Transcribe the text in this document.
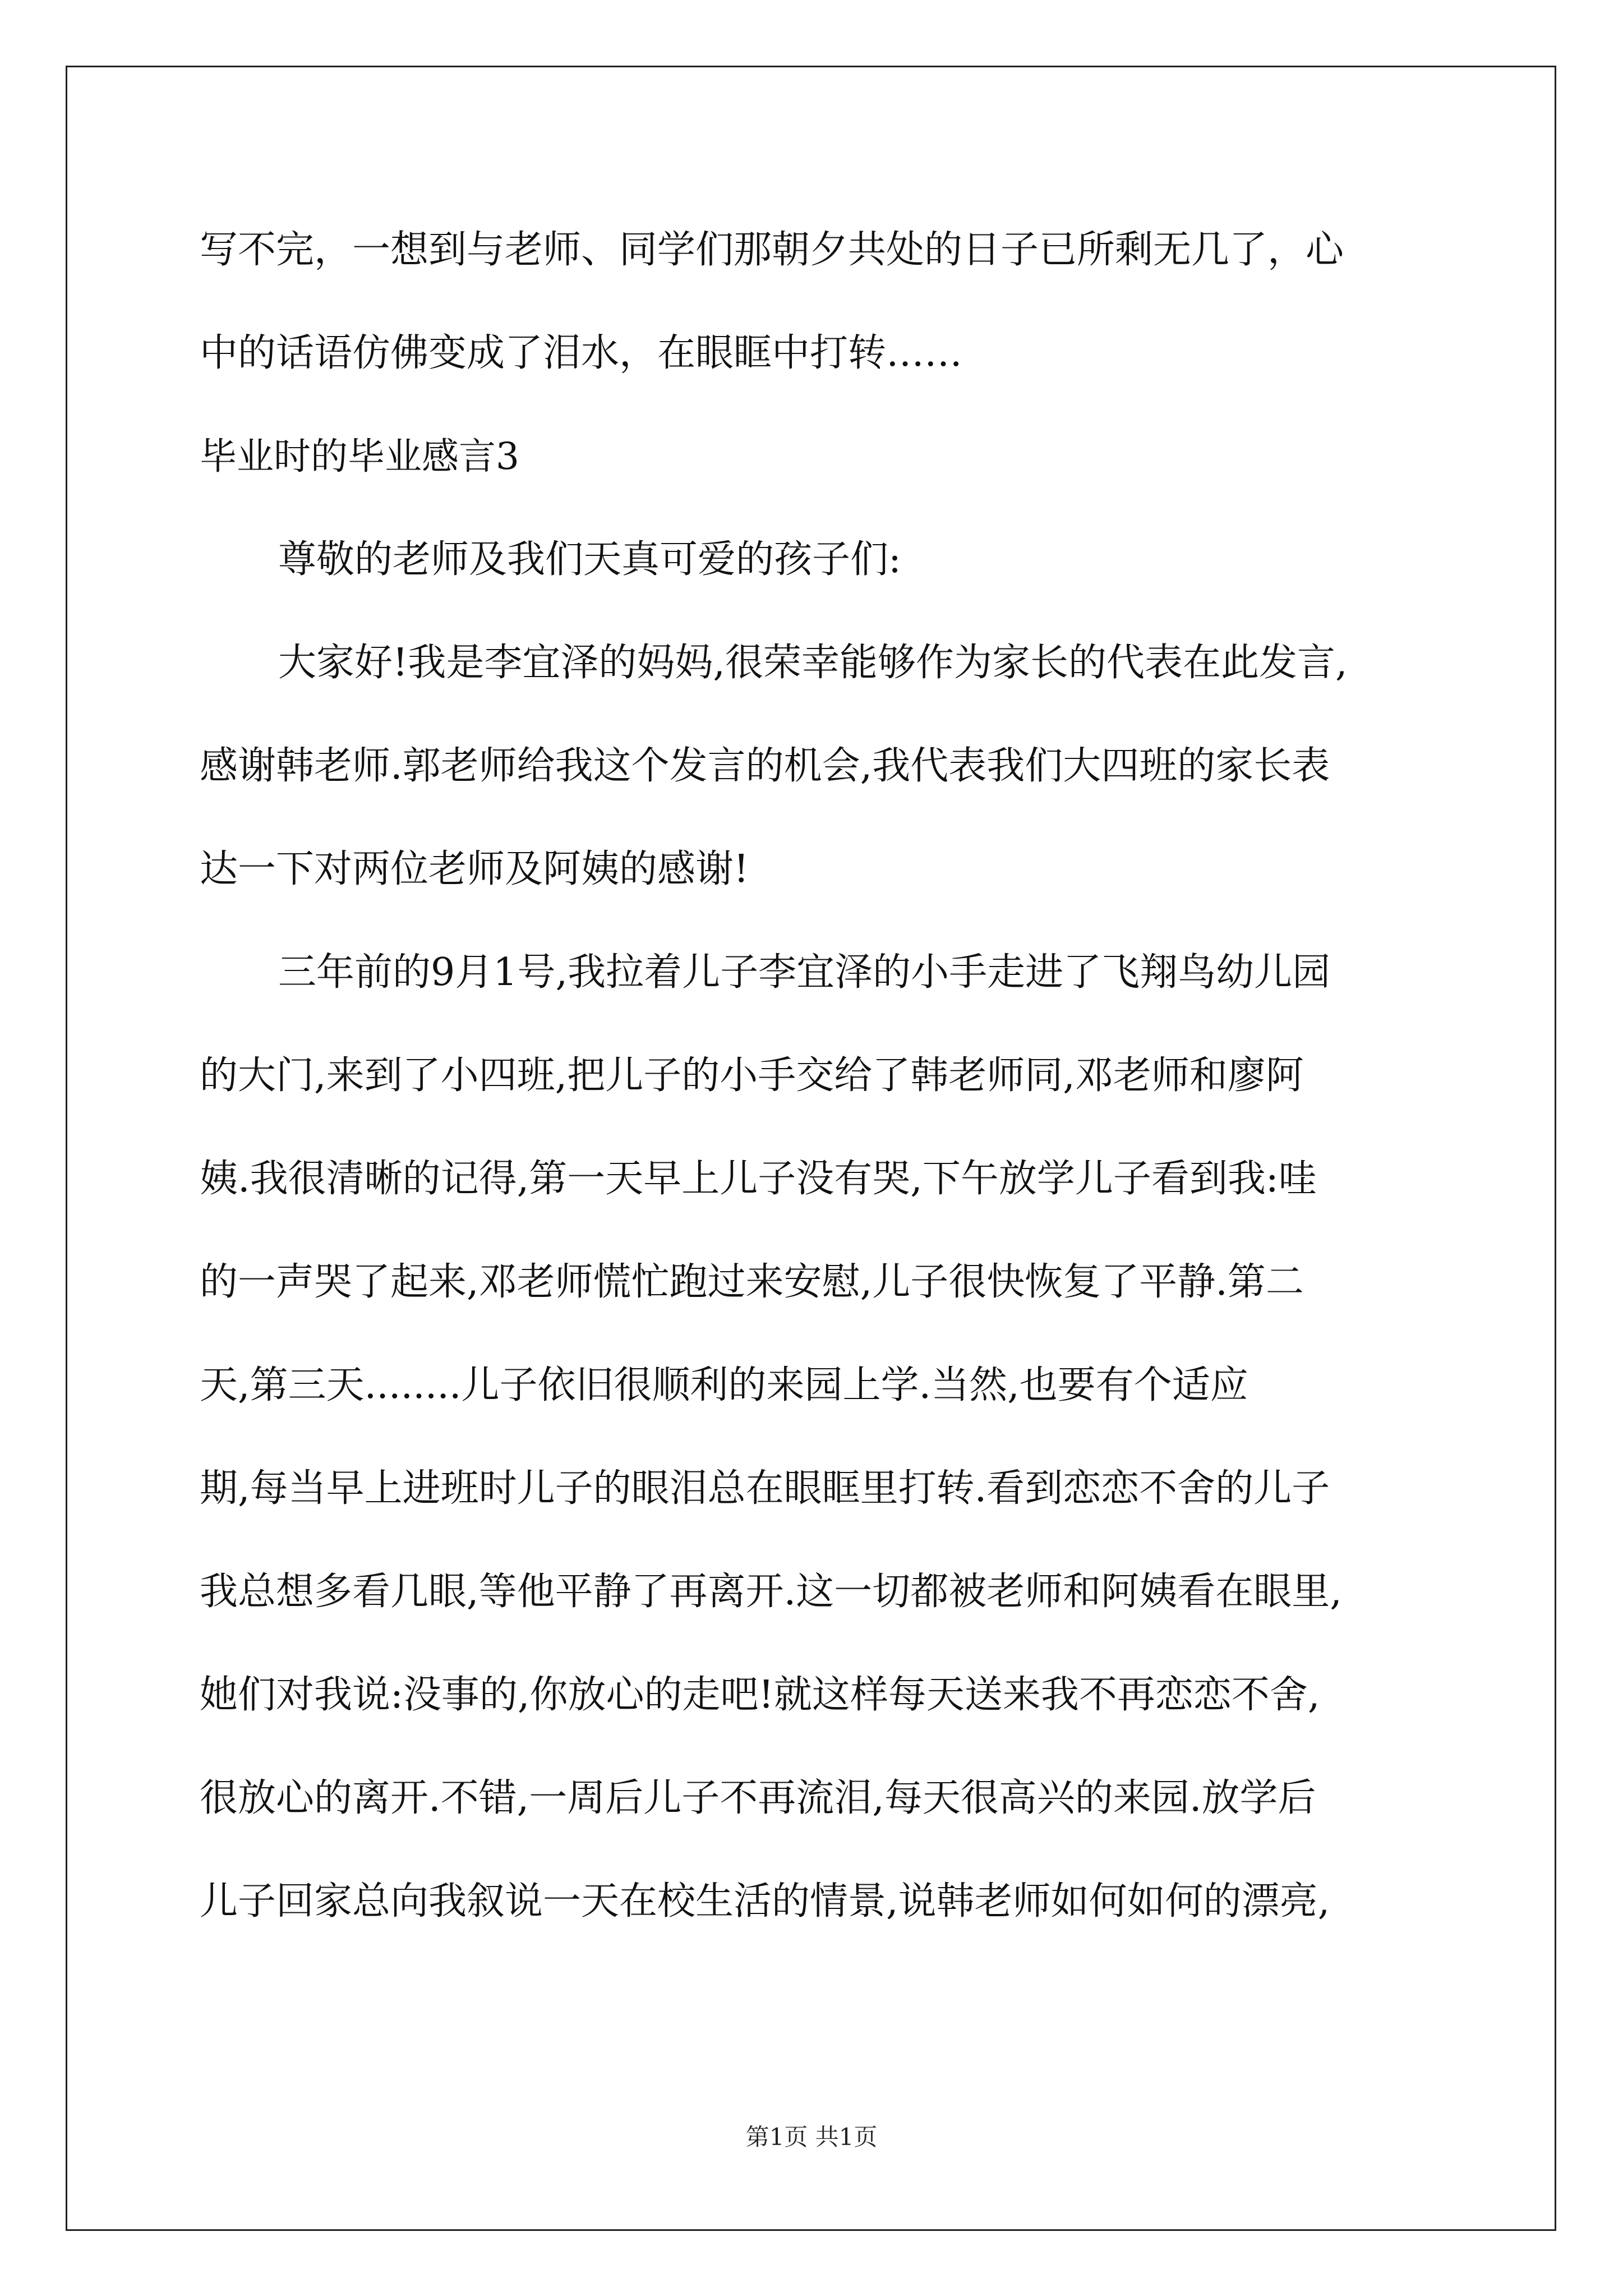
写不完，一想到与老师、同学们那朝夕共处的日子已所剩无几了，心
中的话语仿佛变成了泪水，在眼眶中打转……
毕业时的毕业感言3
尊敬的老师及我们天真可爱的孩子们:
大家好!我是李宜泽的妈妈,很荣幸能够作为家长的代表在此发言,
感谢韩老师.郭老师给我这个发言的机会,我代表我们大四班的家长表
达一下对两位老师及阿姨的感谢!
三年前的9月1号,我拉着儿子李宜泽的小手走进了飞翔鸟幼儿园
的大门,来到了小四班,把儿子的小手交给了韩老师同,邓老师和廖阿
姨.我很清晰的记得,第一天早上儿子没有哭,下午放学儿子看到我:哇
的一声哭了起来,邓老师慌忙跑过来安慰,儿子很快恢复了平静.第二
天,第三天........儿子依旧很顺利的来园上学.当然,也要有个适应
期,每当早上进班时儿子的眼泪总在眼眶里打转.看到恋恋不舍的儿子
我总想多看几眼,等他平静了再离开.这一切都被老师和阿姨看在眼里,
她们对我说:没事的,你放心的走吧!就这样每天送来我不再恋恋不舍,
很放心的离开.不错,一周后儿子不再流泪,每天很高兴的来园.放学后
儿子回家总向我叙说一天在校生活的情景,说韩老师如何如何的漂亮,
第1页 共1页
